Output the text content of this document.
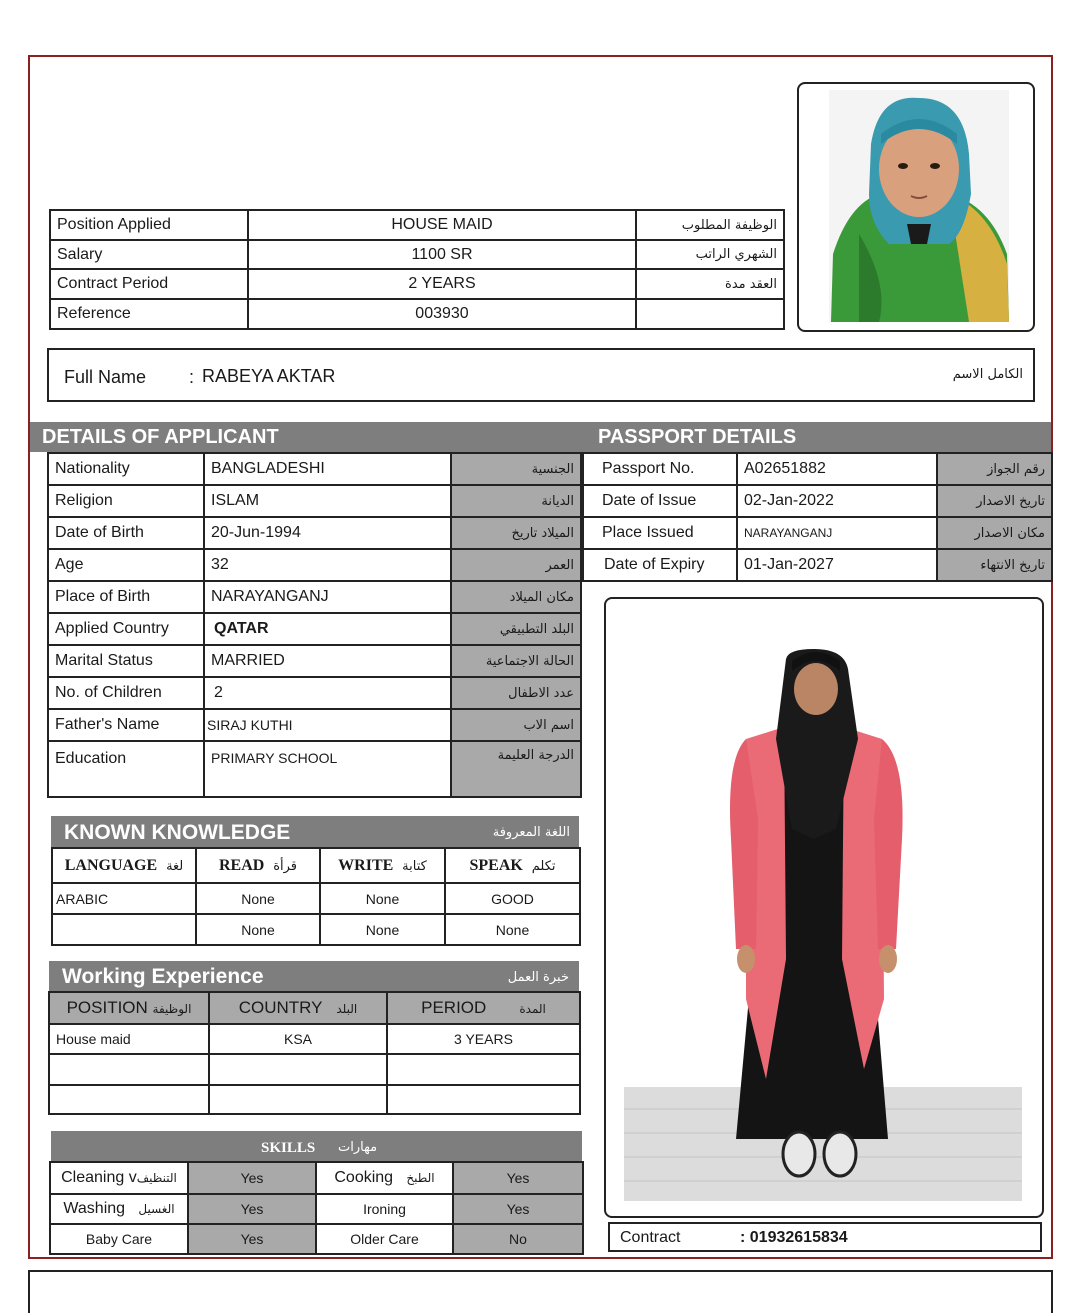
Position Applied	HOUSE MAID	الوظيفة المطلوب
Salary	1100 SR	الشهري الراتب
Contract Period	2 YEARS	العقد مدة
Reference	003930	
Full Name : RABEYA AKTAR	الكامل الاسم
DETAILS OF APPLICANT	PASSPORT DETAILS
Nationality	BANGLADESHI	الجنسية
Religion	ISLAM	الديانة
Date of Birth	20-Jun-1994	الميلاد تاريخ
Age	32	العمر
Place of Birth	NARAYANGANJ	مكان الميلاد
Applied Country	QATAR	البلد التطبيقي
Marital Status	MARRIED	الحالة الاجتماعية
No. of Children	2	عدد الاطفال
Father's Name	SIRAJ KUTHI	اسم الاب
Education	PRIMARY SCHOOL	الدرجة العليمة
Passport No.	A02651882	رقم الجواز
Date of Issue	02-Jan-2022	تاريخ الاصدار
Place Issued	NARAYANGANJ	مكان الاصدار
Date of Expiry	01-Jan-2027	تاريخ الانتهاء
KNOWN KNOWLEDGE	اللغة المعروفة
LANGUAGE لغة	READ قرأة	WRITE كتابة	SPEAK تكلم
ARABIC	None	None	GOOD
	None	None	None
Working Experience	خبرة العمل
POSITION الوظيفة	COUNTRY البلد	PERIOD المدة
House maid	KSA	3 YEARS

SKILLS مهارات
Cleaning vالتنظيف	Yes	Cooking الطبخ	Yes
Washing الغسيل	Yes	Ironing	Yes
Baby Care	Yes	Older Care	No	Contract	: 01932615834
